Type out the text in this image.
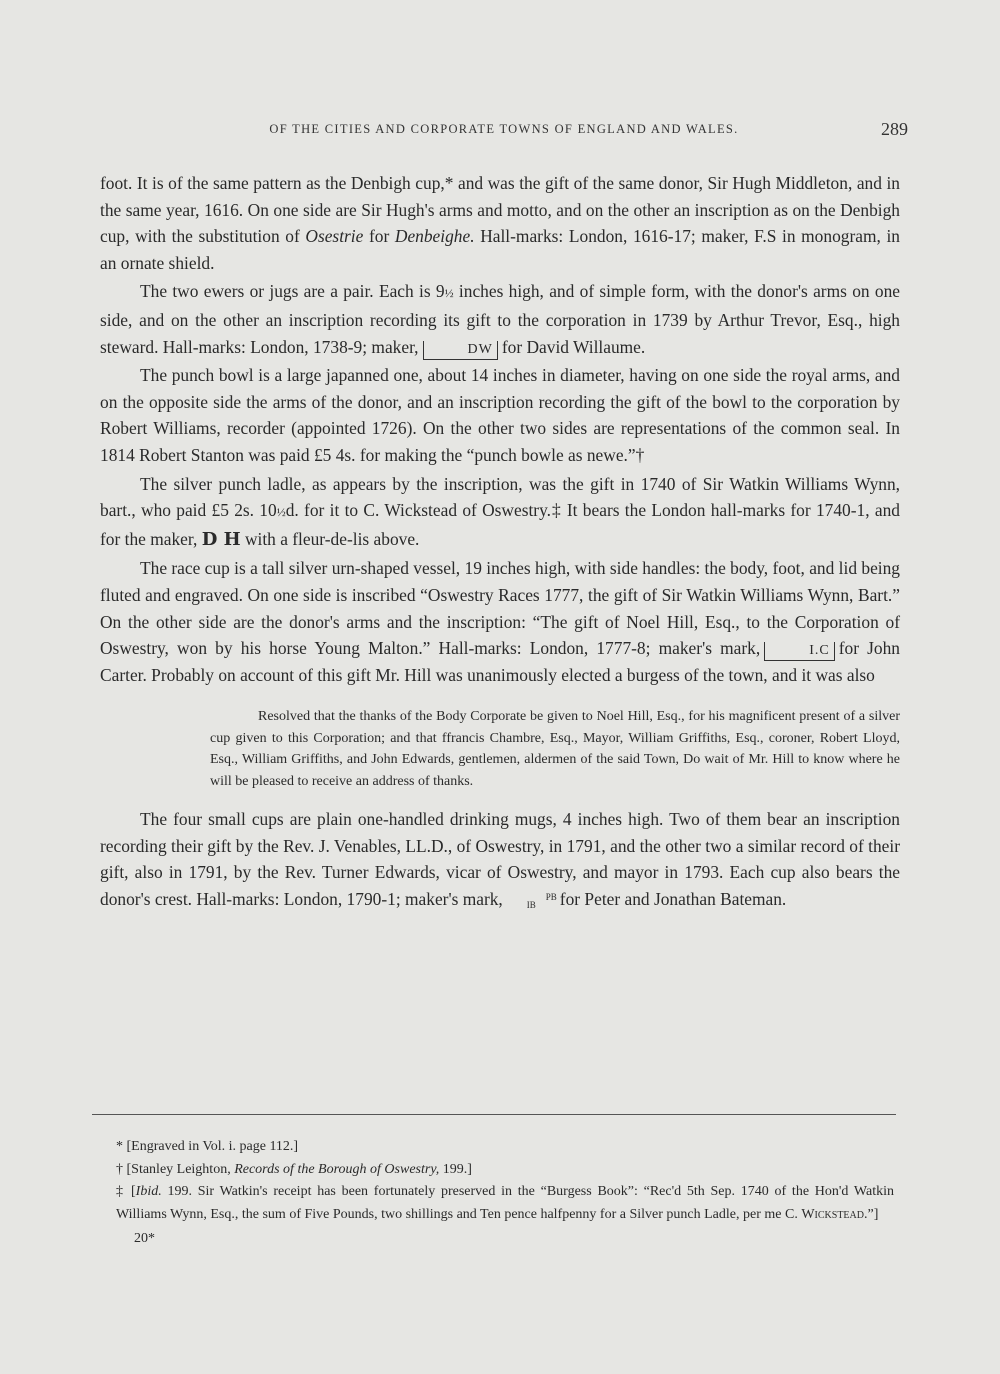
OF THE CITIES AND CORPORATE TOWNS OF ENGLAND AND WALES.	289

foot. It is of the same pattern as the Denbigh cup,* and was the gift of the same donor, Sir Hugh Middleton, and in the same year, 1616. On one side are Sir Hugh's arms and motto, and on the other an inscription as on the Denbigh cup, with the substitution of Osestrie for Denbeighe. Hall-marks: London, 1616-17; maker, F.S in monogram, in an ornate shield.

The two ewers or jugs are a pair. Each is 9½ inches high, and of simple form, with the donor's arms on one side, and on the other an inscription recording its gift to the corporation in 1739 by Arthur Trevor, Esq., high steward. Hall-marks: London, 1738-9; maker,	DW for David Willaume.

The punch bowl is a large japanned one, about 14 inches in diameter, having on one side the royal arms, and on the opposite side the arms of the donor, and an inscription recording the gift of the bowl to the corporation by Robert Williams, recorder (appointed 1726). On the other two sides are representations of the common seal. In 1814 Robert Stanton was paid £5 4s. for making the “punch bowle as newe.”†

The silver punch ladle, as appears by the inscription, was the gift in 1740 of Sir Watkin Williams Wynn, bart., who paid £5 2s. 10½d. for it to C. Wickstead of Oswestry.‡ It bears the London hall-marks for 1740-1, and for the maker, D H with a fleur-de-lis above.

The race cup is a tall silver urn-shaped vessel, 19 inches high, with side handles: the body, foot, and lid being fluted and engraved. On one side is inscribed “Oswestry Races 1777, the gift of Sir Watkin Williams Wynn, Bart.” On the other side are the donor's arms and the inscription: “The gift of Noel Hill, Esq., to the Corporation of Oswestry, won by his horse Young Malton.” Hall-marks: London, 1777-8; maker's mark,	I.C for John Carter. Probably on account of this gift Mr. Hill was unanimously elected a burgess of the town, and it was also

Resolved that the thanks of the Body Corporate be given to Noel Hill, Esq., for his magnificent present of a silver cup given to this Corporation; and that ffrancis Chambre, Esq., Mayor, William Griffiths, Esq., coroner, Robert Lloyd, Esq., William Griffiths, and John Edwards, gentlemen, aldermen of the said Town, Do wait of Mr. Hill to know where he will be pleased to receive an address of thanks.

The four small cups are plain one-handled drinking mugs, 4 inches high. Two of them bear an inscription recording their gift by the Rev. J. Venables, LL.D., of Oswestry, in 1791, and the other two a similar record of their gift, also in 1791, by the Rev. Turner Edwards, vicar of Oswestry, and mayor in 1793. Each cup also bears the donor's crest. Hall-marks: London, 1790-1; maker's mark,	PB
IB for Peter and Jonathan Bateman.

* [Engraved in Vol. i. page 112.]

† [Stanley Leighton, Records of the Borough of Oswestry, 199.]

‡ [Ibid. 199. Sir Watkin's receipt has been fortunately preserved in the “Burgess Book”: “Rec'd 5th Sep. 1740 of the Hon'd Watkin Williams Wynn, Esq., the sum of Five Pounds, two shillings and Ten pence halfpenny for a Silver punch Ladle, per me C. Wickstead.”]

20*
